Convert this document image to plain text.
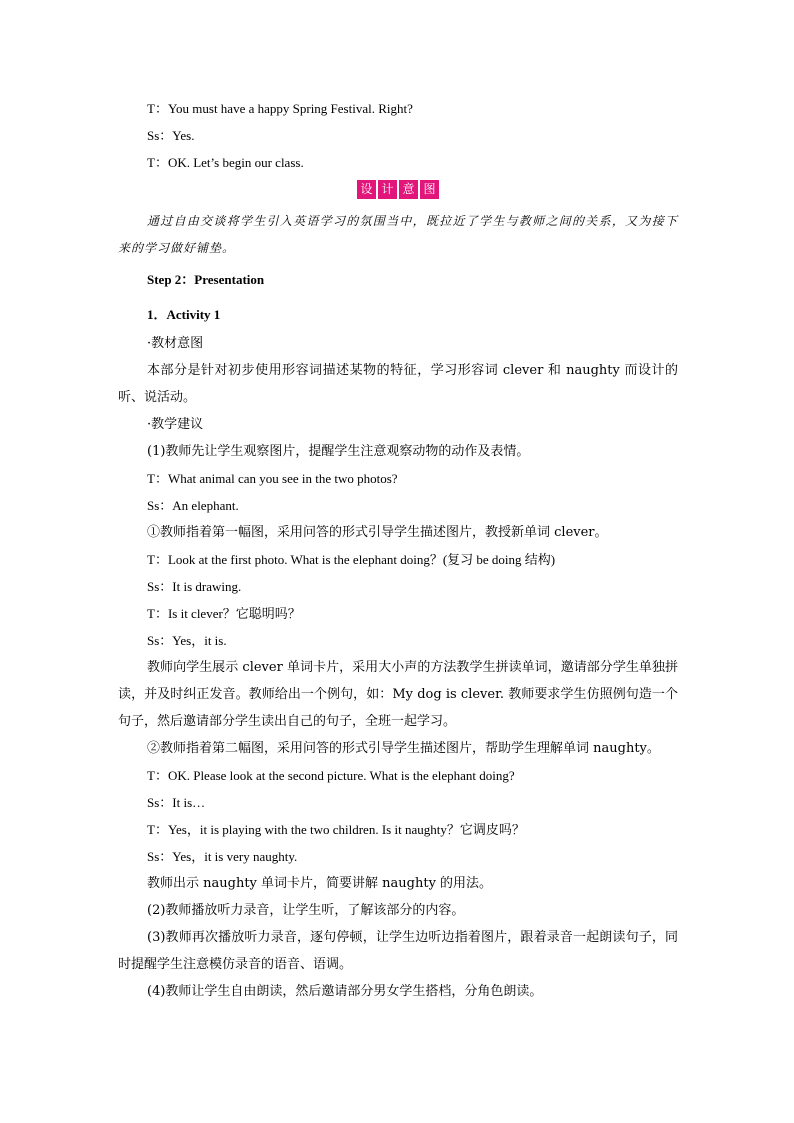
T：You must have a happy Spring Festival. Right?
Ss：Yes.
T：OK. Let’s begin our class.
设 计 意 图
通过自由交谈将学生引入英语学习的氛围当中，既拉近了学生与教师之间的关系，又为接下来的学习做好铺垫。
Step 2：Presentation
1．Activity 1
·教材意图
本部分是针对初步使用形容词描述某物的特征，学习形容词 clever 和 naughty 而设计的听、说活动。
·教学建议
(1)教师先让学生观察图片，提醒学生注意观察动物的动作及表情。
T：What animal can you see in the two photos?
Ss：An elephant.
①教师指着第一幅图，采用问答的形式引导学生描述图片，教授新单词 clever。
T：Look at the first photo. What is the elephant doing？(复习 be doing 结构)
Ss：It is drawing.
T：Is it clever？它聪明吗？
Ss：Yes，it is.
教师向学生展示 clever 单词卡片，采用大小声的方法教学生拼读单词，邀请部分学生单独拼读，并及时纠正发音。教师给出一个例句，如：My dog is clever. 教师要求学生仿照例句造一个句子，然后邀请部分学生读出自己的句子，全班一起学习。
②教师指着第二幅图，采用问答的形式引导学生描述图片，帮助学生理解单词 naughty。
T：OK. Please look at the second picture. What is the elephant doing?
Ss：It is…
T：Yes，it is playing with the two children. Is it naughty？它调皮吗？
Ss：Yes，it is very naughty.
教师出示 naughty 单词卡片，简要讲解 naughty 的用法。
(2)教师播放听力录音，让学生听，了解该部分的内容。
(3)教师再次播放听力录音，逐句停顿，让学生边听边指着图片，跟着录音一起朗读句子，同时提醒学生注意模仿录音的语音、语调。
(4)教师让学生自由朗读，然后邀请部分男女学生搭档，分角色朗读。
